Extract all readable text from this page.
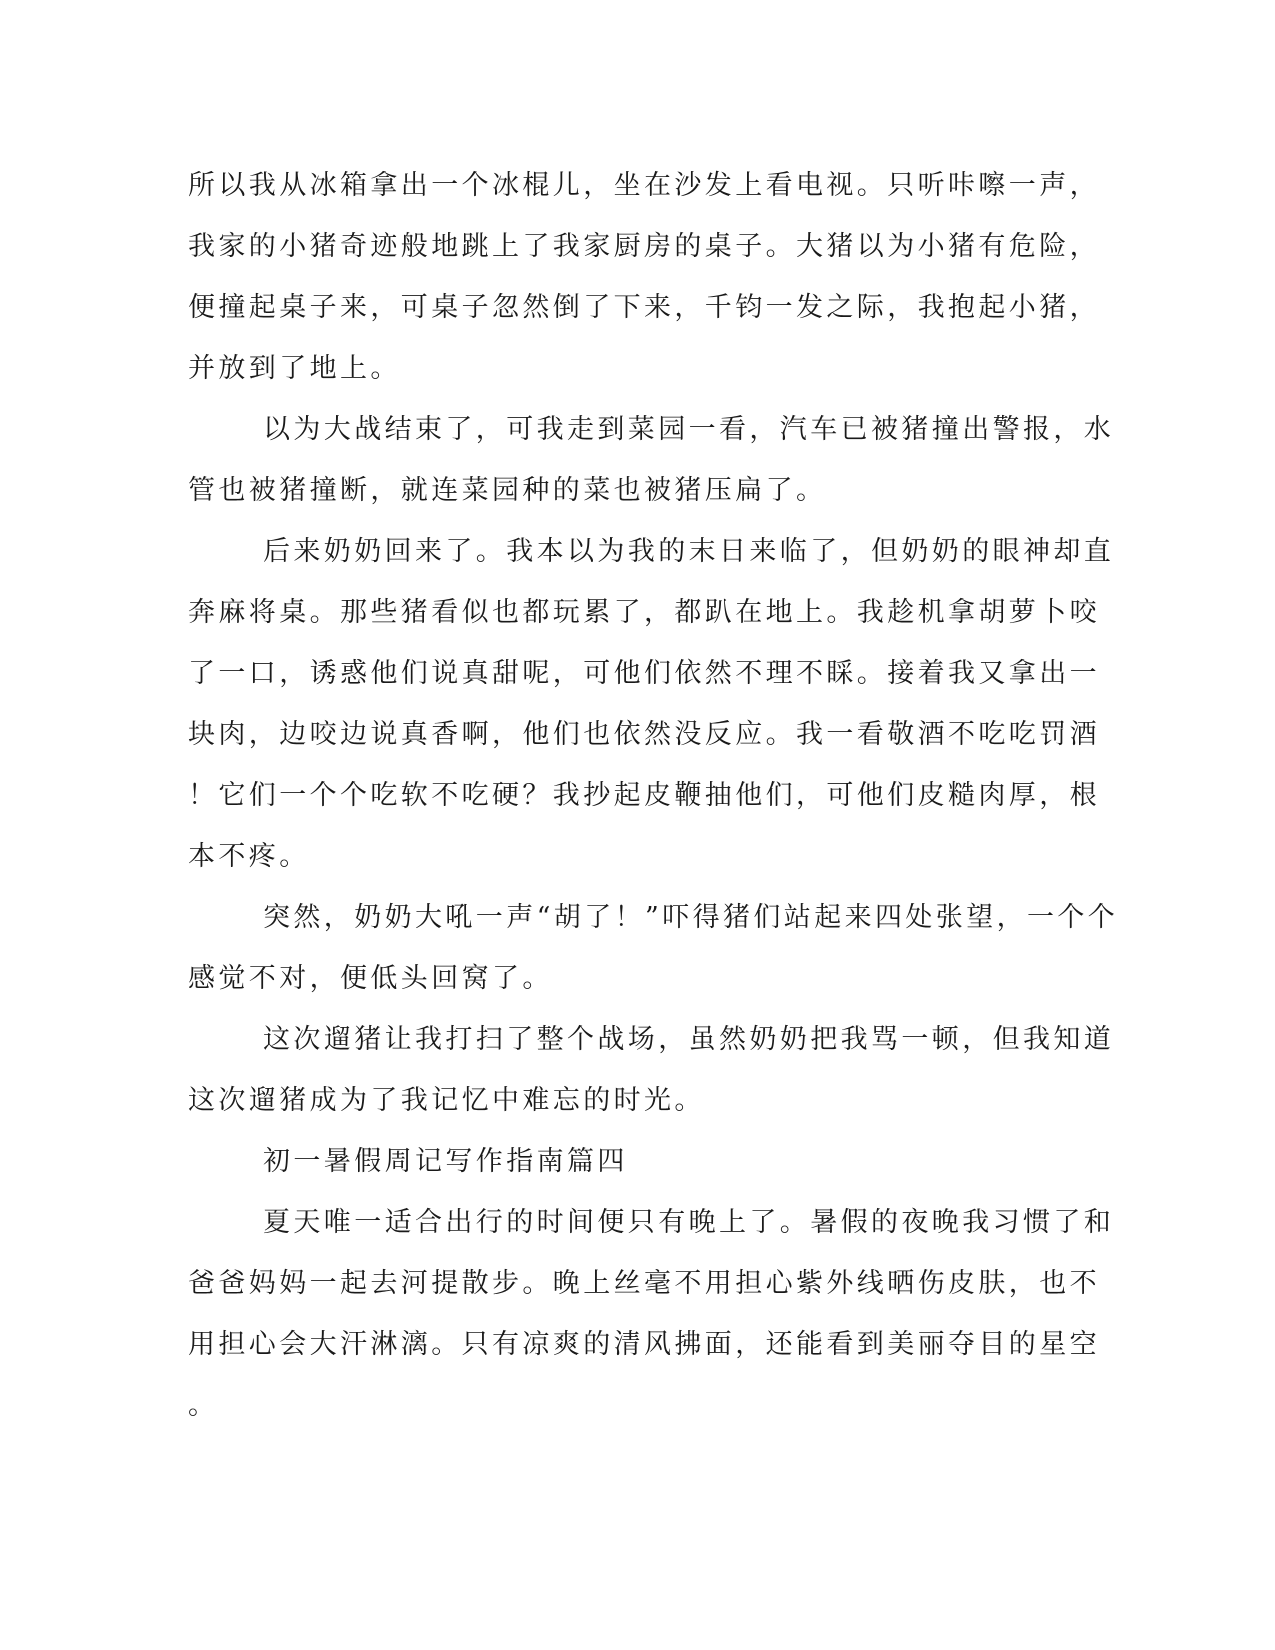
所以我从冰箱拿出一个冰棍儿，坐在沙发上看电视。只听咔嚓一声，
我家的小猪奇迹般地跳上了我家厨房的桌子。大猪以为小猪有危险，
便撞起桌子来，可桌子忽然倒了下来，千钧一发之际，我抱起小猪，
并放到了地上。
以为大战结束了，可我走到菜园一看，汽车已被猪撞出警报，水
管也被猪撞断，就连菜园种的菜也被猪压扁了。
后来奶奶回来了。我本以为我的末日来临了，但奶奶的眼神却直
奔麻将桌。那些猪看似也都玩累了，都趴在地上。我趁机拿胡萝卜咬
了一口，诱惑他们说真甜呢，可他们依然不理不睬。接着我又拿出一
块肉，边咬边说真香啊，他们也依然没反应。我一看敬酒不吃吃罚酒
！它们一个个吃软不吃硬？我抄起皮鞭抽他们，可他们皮糙肉厚，根
本不疼。
突然，奶奶大吼一声“胡了！”吓得猪们站起来四处张望，一个个
感觉不对，便低头回窝了。
这次遛猪让我打扫了整个战场，虽然奶奶把我骂一顿，但我知道
这次遛猪成为了我记忆中难忘的时光。
初一暑假周记写作指南篇四
夏天唯一适合出行的时间便只有晚上了。暑假的夜晚我习惯了和
爸爸妈妈一起去河提散步。晚上丝毫不用担心紫外线晒伤皮肤，也不
用担心会大汗淋漓。只有凉爽的清风拂面，还能看到美丽夺目的星空
。
